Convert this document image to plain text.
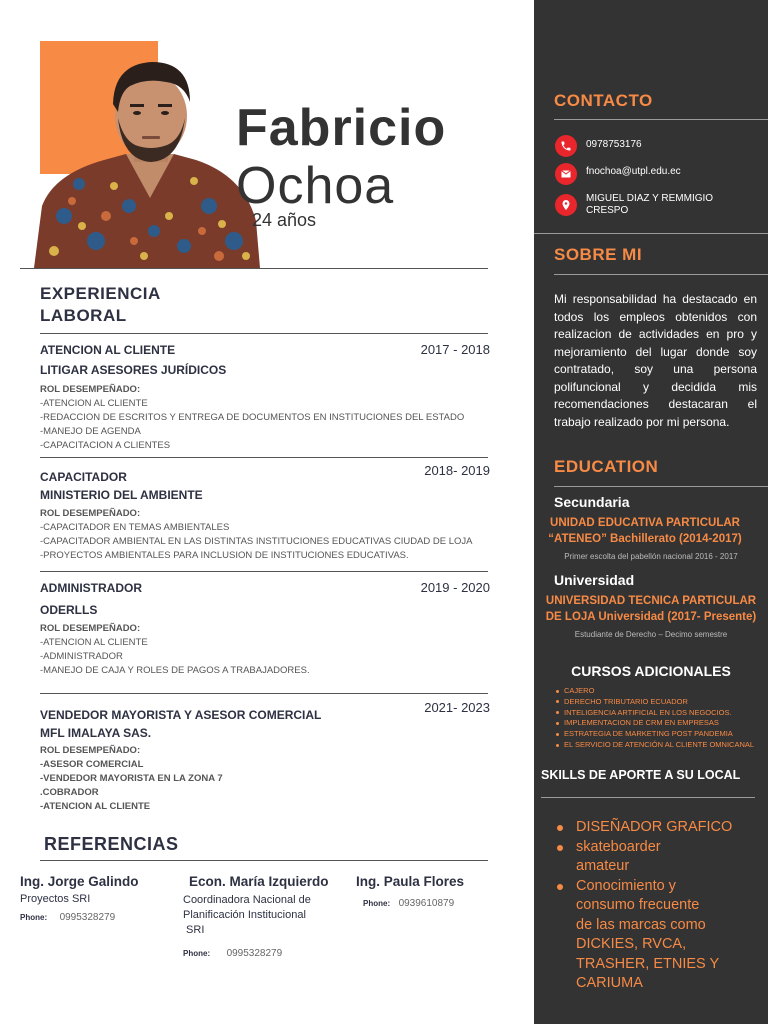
Fabricio
Ochoa
24 años
EXPERIENCIA
LABORAL
2017 - 2018
ATENCION AL CLIENTE
LITIGAR ASESORES JURÍDICOS
ROL DESEMPEÑADO:
-ATENCION AL CLIENTE
-REDACCION DE ESCRITOS Y ENTREGA DE DOCUMENTOS EN INSTITUCIONES DEL ESTADO
-MANEJO DE AGENDA
-CAPACITACION A CLIENTES
2018- 2019
CAPACITADOR
MINISTERIO DEL AMBIENTE
ROL DESEMPEÑADO:
-CAPACITADOR EN TEMAS AMBIENTALES
-CAPACITADOR AMBIENTAL EN LAS DISTINTAS INSTITUCIONES EDUCATIVAS CIUDAD DE LOJA
-PROYECTOS AMBIENTALES PARA INCLUSION DE INSTITUCIONES EDUCATIVAS.
2019 - 2020
ADMINISTRADOR
ODERLLS
ROL DESEMPEÑADO:
-ATENCION AL CLIENTE
-ADMINISTRADOR
-MANEJO DE CAJA Y ROLES DE PAGOS A TRABAJADORES.
2021- 2023
VENDEDOR MAYORISTA Y ASESOR COMERCIAL
MFL IMALAYA SAS.
ROL DESEMPEÑADO:
-ASESOR COMERCIAL
-VENDEDOR MAYORISTA EN LA ZONA 7
.COBRADOR
-ATENCION AL CLIENTE
REFERENCIAS
Ing. Jorge Galindo
Proyectos SRI
Phone: 0995328279
Econ. María Izquierdo
Coordinadora Nacional de
Planificación Institucional
SRI
Phone: 0995328279
Ing. Paula Flores
Phone: 0939610879
CONTACTO
0978753176
fnochoa@utpl.edu.ec
MIGUEL DIAZ Y REMMIGIO
CRESPO
SOBRE MI
Mi responsabilidad ha destacado en todos los empleos obtenidos con realizacion de actividades en pro y mejoramiento del lugar donde soy contratado, soy una persona polifuncional y decidida mis recomendaciones destacaran el trabajo realizado por mi persona.
EDUCATION
Secundaria
UNIDAD EDUCATIVA PARTICULAR
“ATENEO” Bachillerato (2014-2017)
Primer escolta del pabellón nacional 2016 - 2017
Universidad
UNIVERSIDAD TECNICA PARTICULAR
DE LOJA Universidad (2017- Presente)
Estudiante de Derecho – Decimo semestre
CURSOS ADICIONALES
CAJERO
DERECHO TRIBUTARIO ECUADOR
INTELIGENCIA ARTIFICIAL EN LOS NEGOCIOS.
IMPLEMENTACION DE CRM EN EMPRESAS
ESTRATEGIA DE MARKETING POST PANDEMIA
EL SERVICIO DE ATENCIÓN AL CLIENTE OMNICANAL
SKILLS DE APORTE A SU LOCAL
DISEÑADOR GRAFICO
skateboarder
amateur
Conocimiento y
consumo frecuente
de las marcas como
DICKIES, RVCA,
TRASHER, ETNIES Y
CARIUMA
